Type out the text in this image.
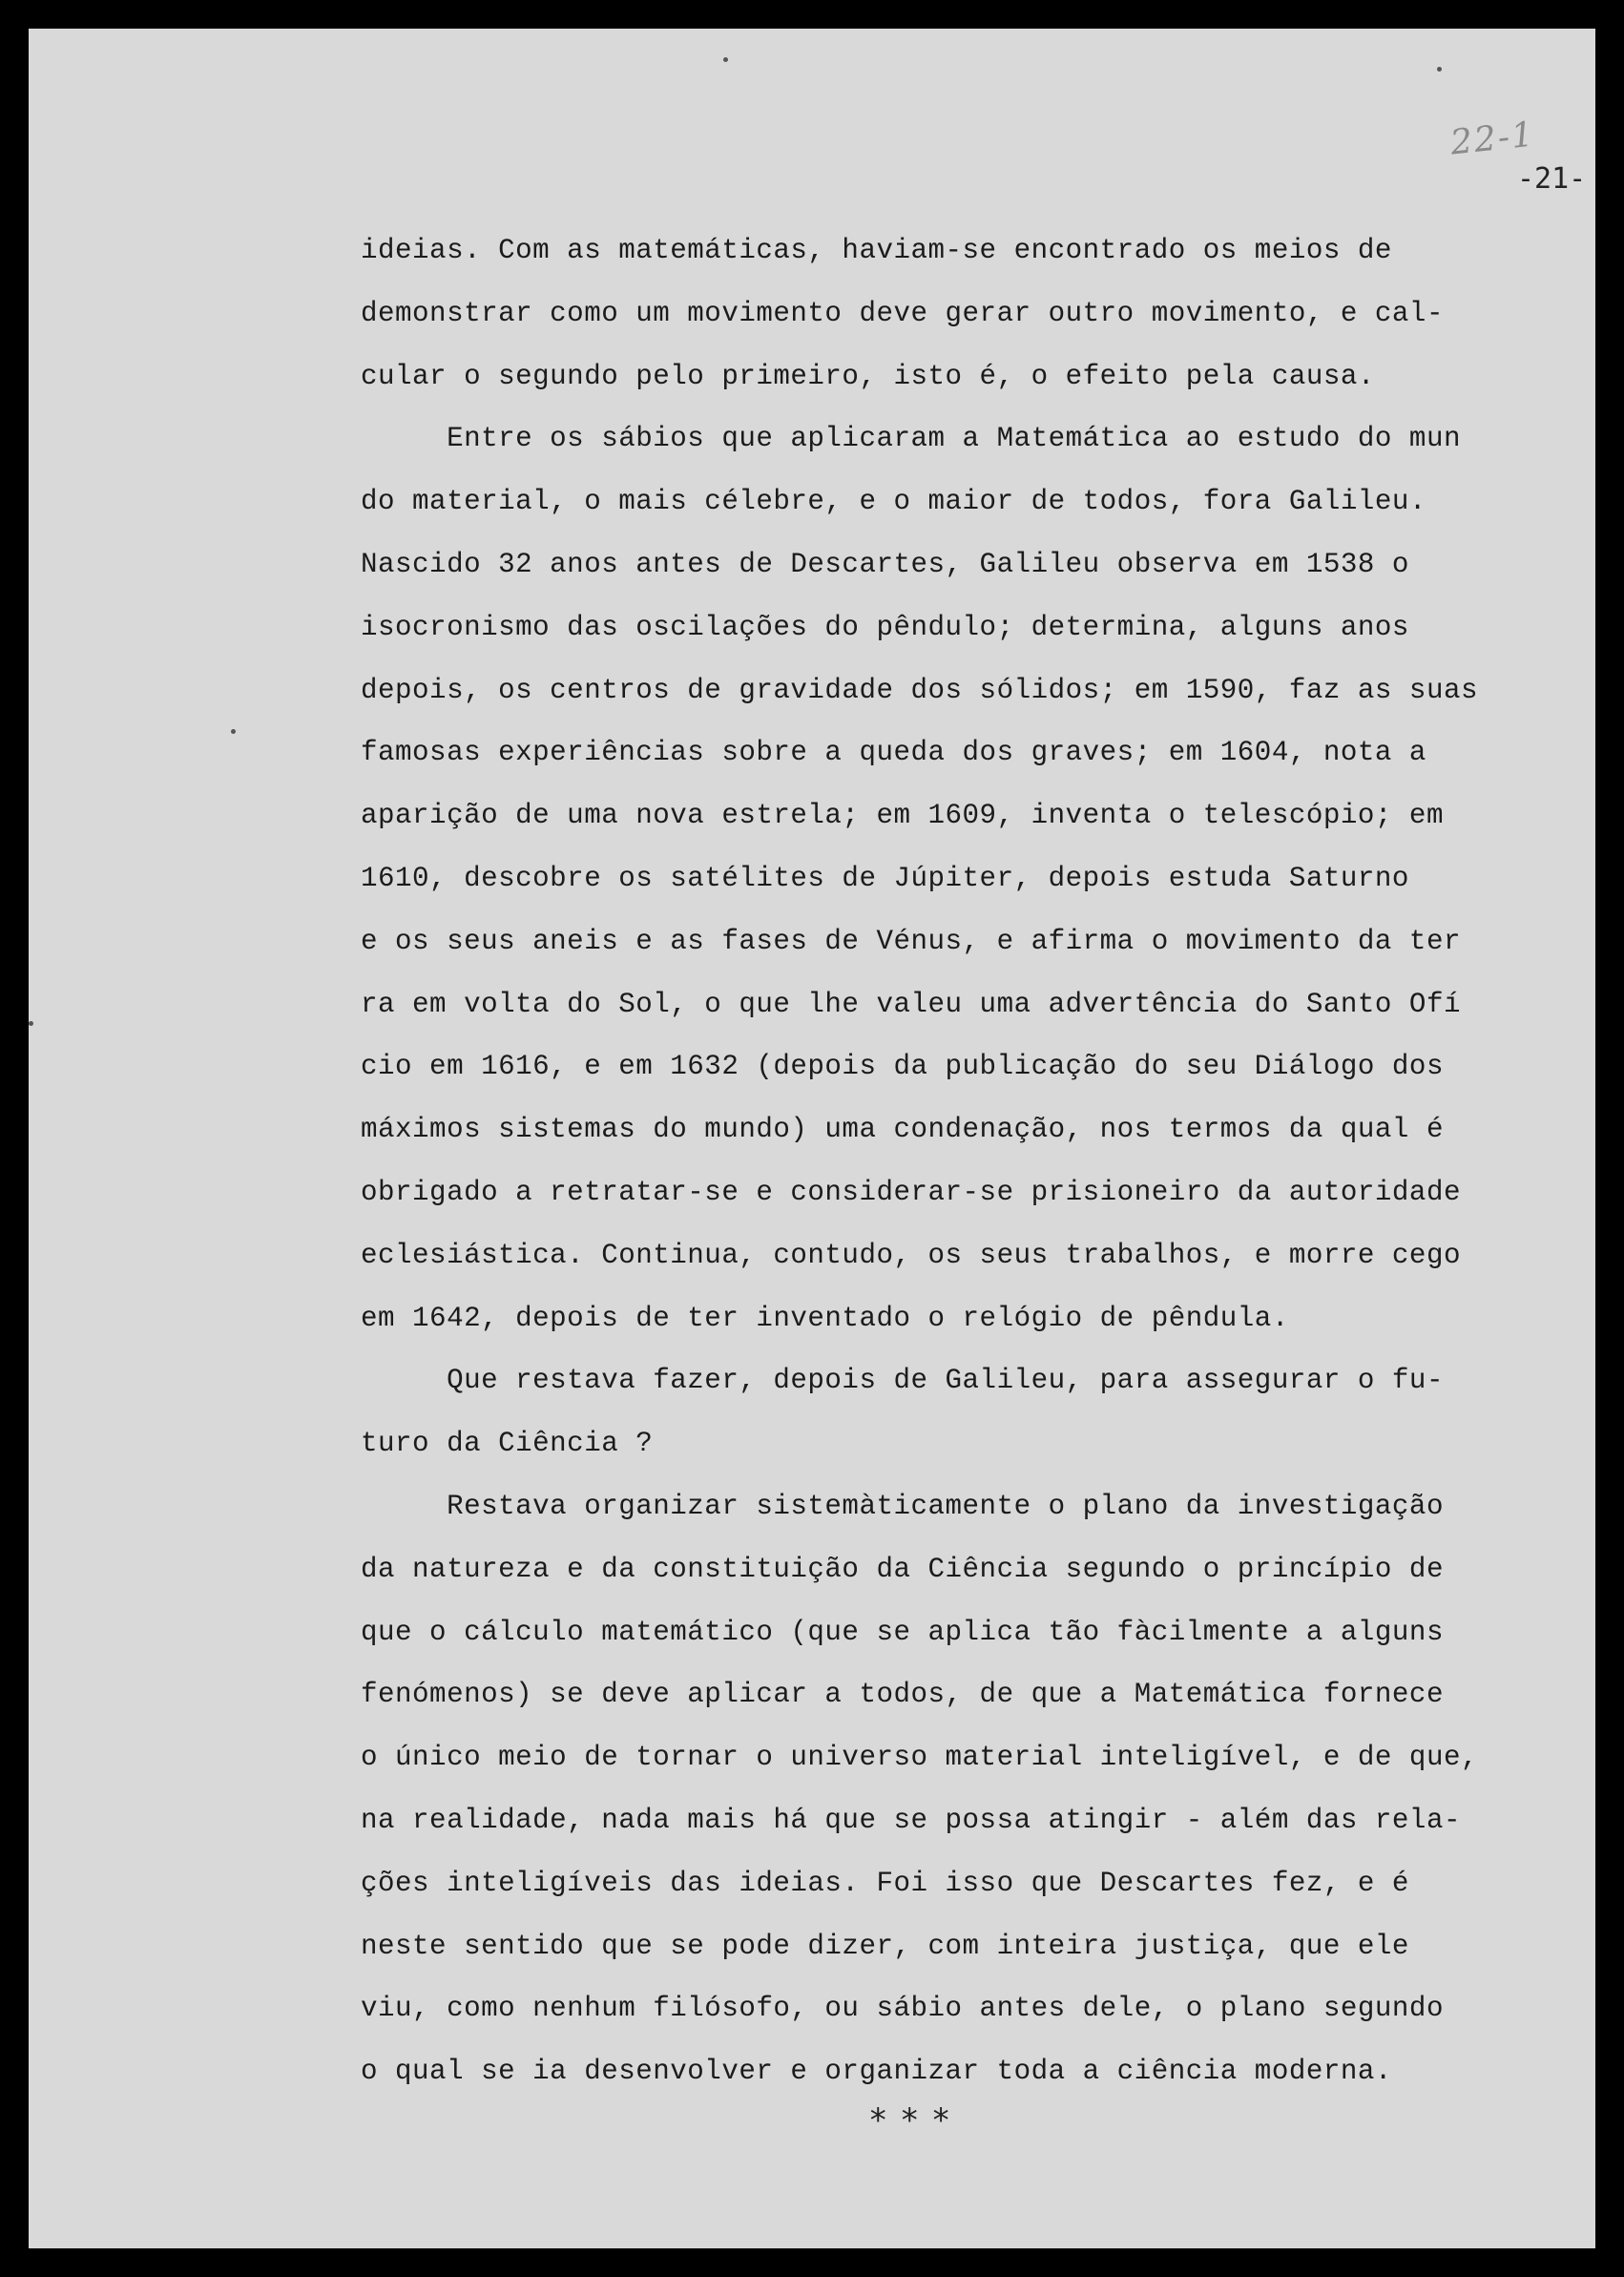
22-1
-21-
ideias. Com as matemáticas, haviam-se encontrado os meios de
demonstrar como um movimento deve gerar outro movimento, e cal-
cular o segundo pelo primeiro, isto é, o efeito pela causa.
Entre os sábios que aplicaram a Matemática ao estudo do mun
do material, o mais célebre, e o maior de todos, fora Galileu.
Nascido 32 anos antes de Descartes, Galileu observa em 1538 o
isocronismo das oscilações do pêndulo; determina, alguns anos
depois, os centros de gravidade dos sólidos; em 1590, faz as suas
famosas experiências sobre a queda dos graves; em 1604, nota a
aparição de uma nova estrela; em 1609, inventa o telescópio; em
1610, descobre os satélites de Júpiter, depois estuda Saturno
e os seus aneis e as fases de Vénus, e afirma o movimento da ter
ra em volta do Sol, o que lhe valeu uma advertência do Santo Ofí
cio em 1616, e em 1632 (depois da publicação do seu Diálogo dos
máximos sistemas do mundo) uma condenação, nos termos da qual é
obrigado a retratar-se e considerar-se prisioneiro da autoridade
eclesiástica. Continua, contudo, os seus trabalhos, e morre cego
em 1642, depois de ter inventado o relógio de pêndula.
Que restava fazer, depois de Galileu, para assegurar o fu-
turo da Ciência ?
Restava organizar sistemàticamente o plano da investigação
da natureza e da constituição da Ciência segundo o princípio de
que o cálculo matemático (que se aplica tão fàcilmente a alguns
fenómenos) se deve aplicar a todos, de que a Matemática fornece
o único meio de tornar o universo material inteligível, e de que,
na realidade, nada mais há que se possa atingir - além das rela-
ções inteligíveis das ideias. Foi isso que Descartes fez, e é
neste sentido que se pode dizer, com inteira justiça, que ele
viu, como nenhum filósofo, ou sábio antes dele, o plano segundo
o qual se ia desenvolver e organizar toda a ciência moderna.
* * *
